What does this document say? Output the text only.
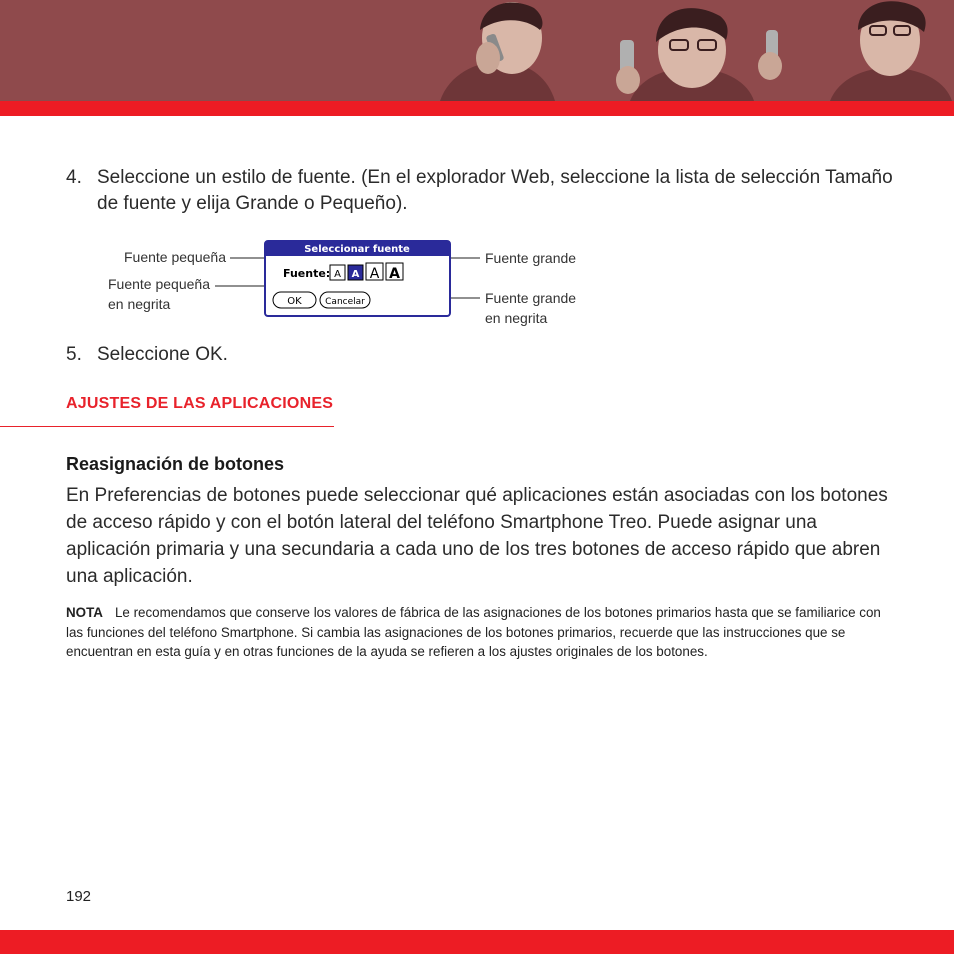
4. Seleccione un estilo de fuente. (En el explorador Web, seleccione la lista de selección Tamaño de fuente y elija Grande o Pequeño).
Fuente pequeña
Fuente pequeña
en negrita
Fuente grande
Fuente grande
en negrita
Seleccionar fuente
Fuente: A A A A
OK	Cancelar
5. Seleccione OK.
AJUSTES DE LAS APLICACIONES
Reasignación de botones
En Preferencias de botones puede seleccionar qué aplicaciones están asociadas con los botones de acceso rápido y con el botón lateral del teléfono Smartphone Treo. Puede asignar una aplicación primaria y una secundaria a cada uno de los tres botones de acceso rápido que abren una aplicación.
NOTA Le recomendamos que conserve los valores de fábrica de las asignaciones de los botones primarios hasta que se familiarice con las funciones del teléfono Smartphone. Si cambia las asignaciones de los botones primarios, recuerde que las instrucciones que se encuentran en esta guía y en otras funciones de la ayuda se refieren a los ajustes originales de los botones.
192
